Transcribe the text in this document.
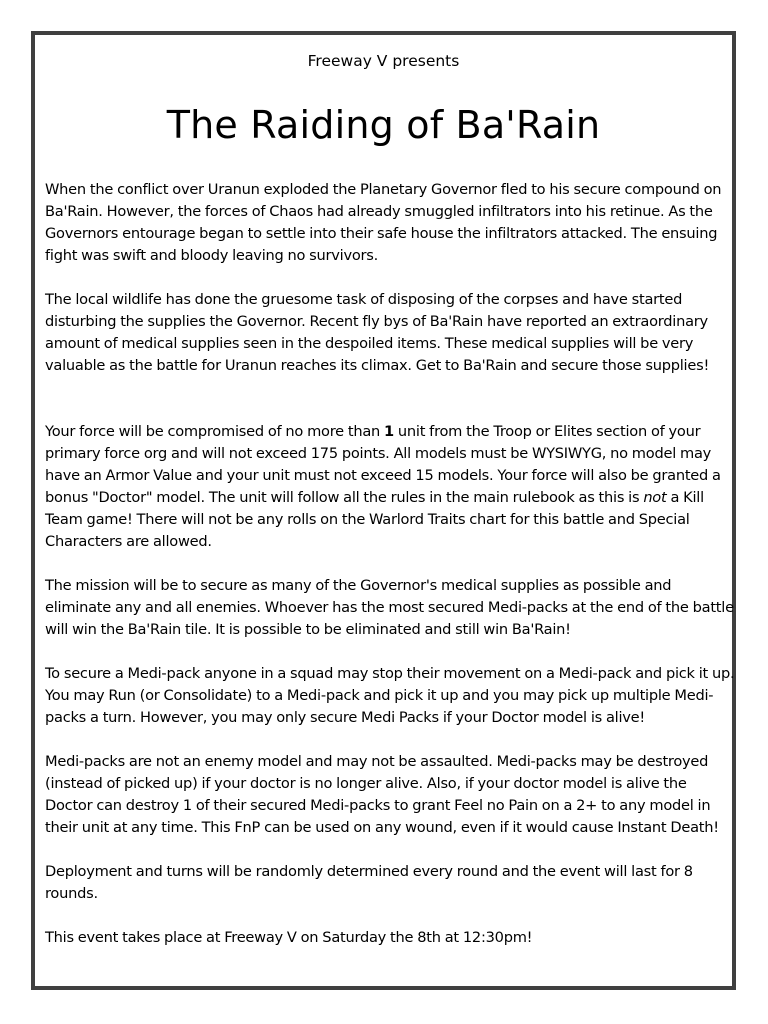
Freeway V presents
The Raiding of Ba'Rain

When the conflict over Uranun exploded the Planetary Governor fled to his secure compound on Ba'Rain. However, the forces of Chaos had already smuggled infiltrators into his retinue. As the Governors entourage began to settle into their safe house the infiltrators attacked. The ensuing fight was swift and bloody leaving no survivors.

The local wildlife has done the gruesome task of disposing of the corpses and have started disturbing the supplies the Governor. Recent fly bys of Ba'Rain have reported an extraordinary amount of medical supplies seen in the despoiled items. These medical supplies will be very valuable as the battle for Uranun reaches its climax. Get to Ba'Rain and secure those supplies!

Your force will be compromised of no more than 1 unit from the Troop or Elites section of your primary force org and will not exceed 175 points. All models must be WYSIWYG, no model may have an Armor Value and your unit must not exceed 15 models. Your force will also be granted a bonus "Doctor" model. The unit will follow all the rules in the main rulebook as this is not a Kill Team game! There will not be any rolls on the Warlord Traits chart for this battle and Special Characters are allowed.

The mission will be to secure as many of the Governor's medical supplies as possible and eliminate any and all enemies. Whoever has the most secured Medi-packs at the end of the battle will win the Ba'Rain tile. It is possible to be eliminated and still win Ba'Rain!

To secure a Medi-pack anyone in a squad may stop their movement on a Medi-pack and pick it up. You may Run (or Consolidate) to a Medi-pack and pick it up and you may pick up multiple Medi-packs a turn. However, you may only secure Medi Packs if your Doctor model is alive!

Medi-packs are not an enemy model and may not be assaulted. Medi-packs may be destroyed (instead of picked up) if your doctor is no longer alive. Also, if your doctor model is alive the Doctor can destroy 1 of their secured Medi-packs to grant Feel no Pain on a 2+ to any model in their unit at any time. This FnP can be used on any wound, even if it would cause Instant Death!

Deployment and turns will be randomly determined every round and the event will last for 8 rounds.

This event takes place at Freeway V on Saturday the 8th at 12:30pm!
